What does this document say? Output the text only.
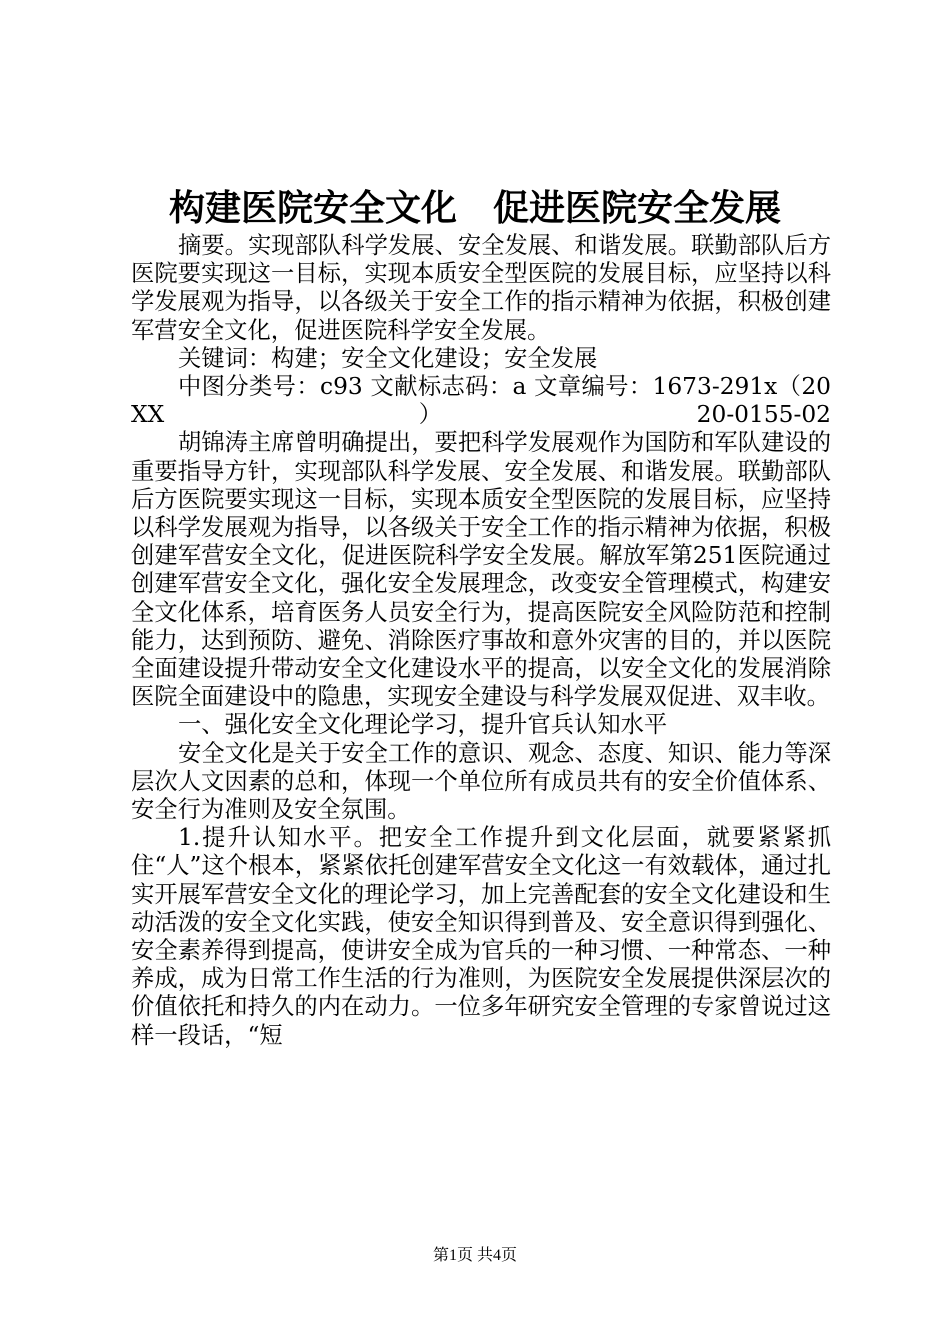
构建医院安全文化　促进医院安全发展

摘要。实现部队科学发展、安全发展、和谐发展。联勤部队后方医院要实现这一目标，实现本质安全型医院的发展目标，应坚持以科学发展观为指导，以各级关于安全工作的指示精神为依据，积极创建军营安全文化，促进医院科学安全发展。

关键词：构建；安全文化建设；安全发展

中图分类号：c93 文献标志码：a 文章编号：1673-291x（20XX）20-0155-02

胡锦涛主席曾明确提出，要把科学发展观作为国防和军队建设的重要指导方针，实现部队科学发展、安全发展、和谐发展。联勤部队后方医院要实现这一目标，实现本质安全型医院的发展目标，应坚持以科学发展观为指导，以各级关于安全工作的指示精神为依据，积极创建军营安全文化，促进医院科学安全发展。解放军第251医院通过创建军营安全文化，强化安全发展理念，改变安全管理模式，构建安全文化体系，培育医务人员安全行为，提高医院安全风险防范和控制能力，达到预防、避免、消除医疗事故和意外灾害的目的，并以医院全面建设提升带动安全文化建设水平的提高，以安全文化的发展消除医院全面建设中的隐患，实现安全建设与科学发展双促进、双丰收。

一、强化安全文化理论学习，提升官兵认知水平

安全文化是关于安全工作的意识、观念、态度、知识、能力等深层次人文因素的总和，体现一个单位所有成员共有的安全价值体系、安全行为准则及安全氛围。

1.提升认知水平。把安全工作提升到文化层面，就要紧紧抓住“人”这个根本，紧紧依托创建军营安全文化这一有效载体，通过扎实开展军营安全文化的理论学习，加上完善配套的安全文化建设和生动活泼的安全文化实践，使安全知识得到普及、安全意识得到强化、安全素养得到提高，使讲安全成为官兵的一种习惯、一种常态、一种养成，成为日常工作生活的行为准则，为医院安全发展提供深层次的价值依托和持久的内在动力。一位多年研究安全管理的专家曾说过这样一段话，“短

第1页 共4页
